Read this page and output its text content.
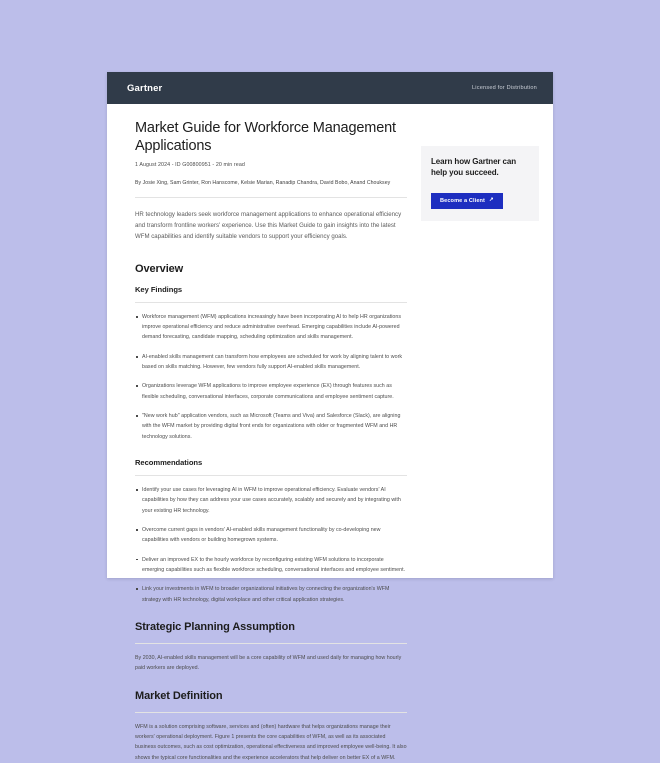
Gartner	Licensed for Distribution
Market Guide for Workforce Management Applications
1 August 2024 - ID G00800951 - 20 min read
By Josie Xing, Sam Grinter, Ron Hanscome, Kelsie Marian, Ranadip Chandra, David Bobo, Anand Chouksey
HR technology leaders seek workforce management applications to enhance operational efficiency and transform frontline workers' experience. Use this Market Guide to gain insights into the latest WFM capabilities and identify suitable vendors to support your efficiency goals.
Overview
Key Findings
Workforce management (WFM) applications increasingly have been incorporating AI to help HR organizations improve operational efficiency and reduce administrative overhead. Emerging capabilities include AI-powered demand forecasting, candidate mapping, scheduling optimization and skills management.
AI-enabled skills management can transform how employees are scheduled for work by aligning talent to work based on skills matching. However, few vendors fully support AI-enabled skills management.
Organizations leverage WFM applications to improve employee experience (EX) through features such as flexible scheduling, conversational interfaces, corporate communications and employee sentiment capture.
"New work hub" application vendors, such as Microsoft (Teams and Viva) and Salesforce (Slack), are aligning with the WFM market by providing digital front ends for organizations with older or fragmented WFM and HR technology solutions.
Recommendations
Identify your use cases for leveraging AI in WFM to improve operational efficiency. Evaluate vendors' AI capabilities by how they can address your use cases accurately, scalably and securely and by integrating with your existing HR technology.
Overcome current gaps in vendors' AI-enabled skills management functionality by co-developing new capabilities with vendors or building homegrown systems.
Deliver an improved EX to the hourly workforce by reconfiguring existing WFM solutions to incorporate emerging capabilities such as flexible workforce scheduling, conversational interfaces and employee sentiment.
Link your investments in WFM to broader organizational initiatives by connecting the organization's WFM strategy with HR technology, digital workplace and other critical application strategies.
Strategic Planning Assumption

By 2030, AI-enabled skills management will be a core capability of WFM and used daily for managing how hourly paid workers are deployed.

Market Definition

WFM is a solution comprising software, services and (often) hardware that helps organizations manage their workers' operational deployment. Figure 1 presents the core capabilities of WFM, as well as its associated business outcomes, such as cost optimization, operational effectiveness and improved employee well-being. It also shows the typical core functionalities and the experience accelerators that help deliver on better EX of a WFM.

Learn how Gartner can help you succeed.
Become a Client ↗
